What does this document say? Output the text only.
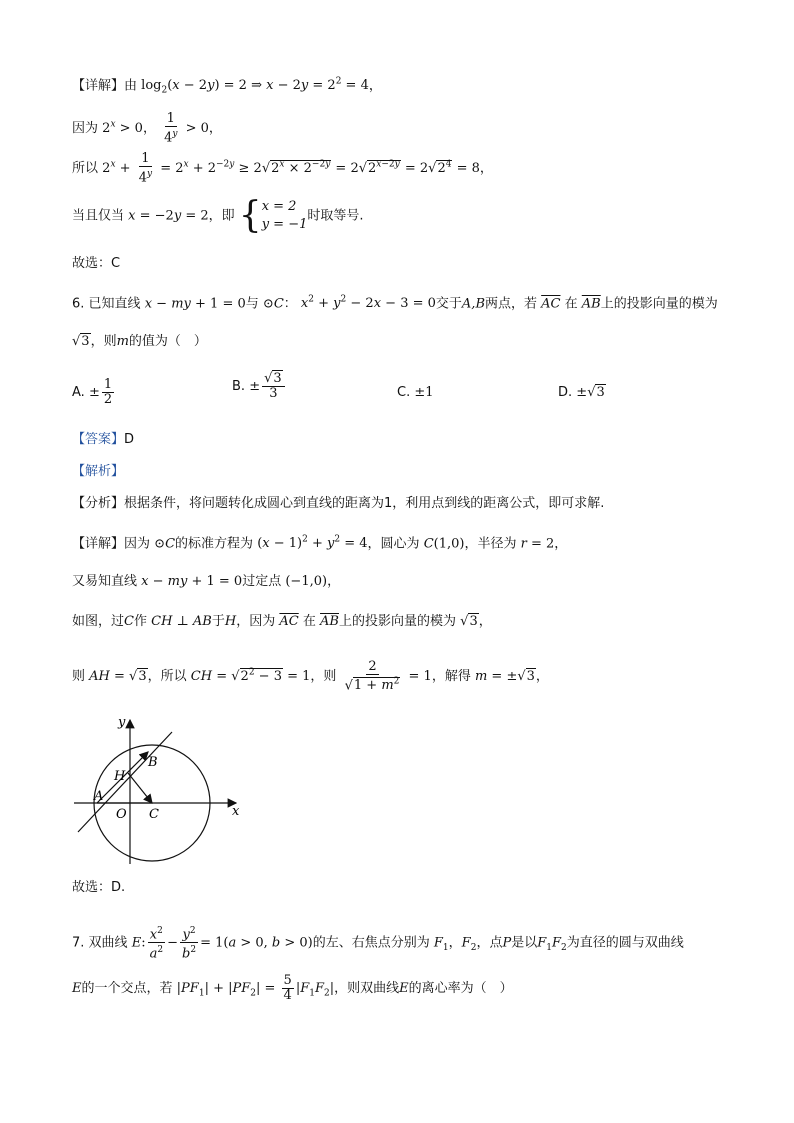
【详解】由 $\log_2(x - 2y) = 2$ ⇒ $x - 2y = 2^2 = 4$，
因为 $2^x > 0$， $\frac{1}{4^y} > 0$，
所以 $2^x + \frac{1}{4^y} = 2^x + 2^{-2y} \ge 2√2^x \times 2^{-2y} = 2√2^{x-2y} = 2√2^4 = 8$，
当且仅当 x = −2y = 2，即 { x = 2
y = −1
时取等号.
故选：C
6. 已知直线 x − my + 1 = 0与 ⊙C： $x^2 + y^2 - 2x - 3 = 0$交于A,B两点，若 $\overline{AC}$ 在 $\overline{AB}$上的投影向量的模为
√3，则m的值为（　）
A. ± $\frac{1}{2}$	B. ± $\frac{√3}{3}$	C. ±1	D. ±√3
【答案】D
【解析】
【分析】根据条件，将问题转化成圆心到直线的距离为1，利用点到线的距离公式，即可求解.
【详解】因为 ⊙C的标准方程为 $(x - 1)^2 + y^2 = 4$，圆心为 C(1,0)，半径为 r = 2，
又易知直线 x − my + 1 = 0过定点 (−1,0)，
如图，过C作 CH ⊥ AB于H，因为 $\overline{AC}$ 在 $\overline{AB}$上的投影向量的模为 √3，
则 AH = √3，所以 CH = $√2^2 - 3 = 1$，则 $\frac{2}{√1 + m^2} = 1$，解得 m = ±√3，
y
x
O
A
B
C
H
故选：D.
7. 双曲线 E: $\frac{x^2}{a^2} - \frac{y^2}{b^2} = 1(a > 0$, b > 0)的左、右焦点分别为 $F_1$，$F_2$，点P是以$F_1F_2$为直径的圆与双曲线
E的一个交点，若 $|PF_1| + |PF_2| = \frac{5}{4} |F_1F_2|$，则双曲线E的离心率为（　）
